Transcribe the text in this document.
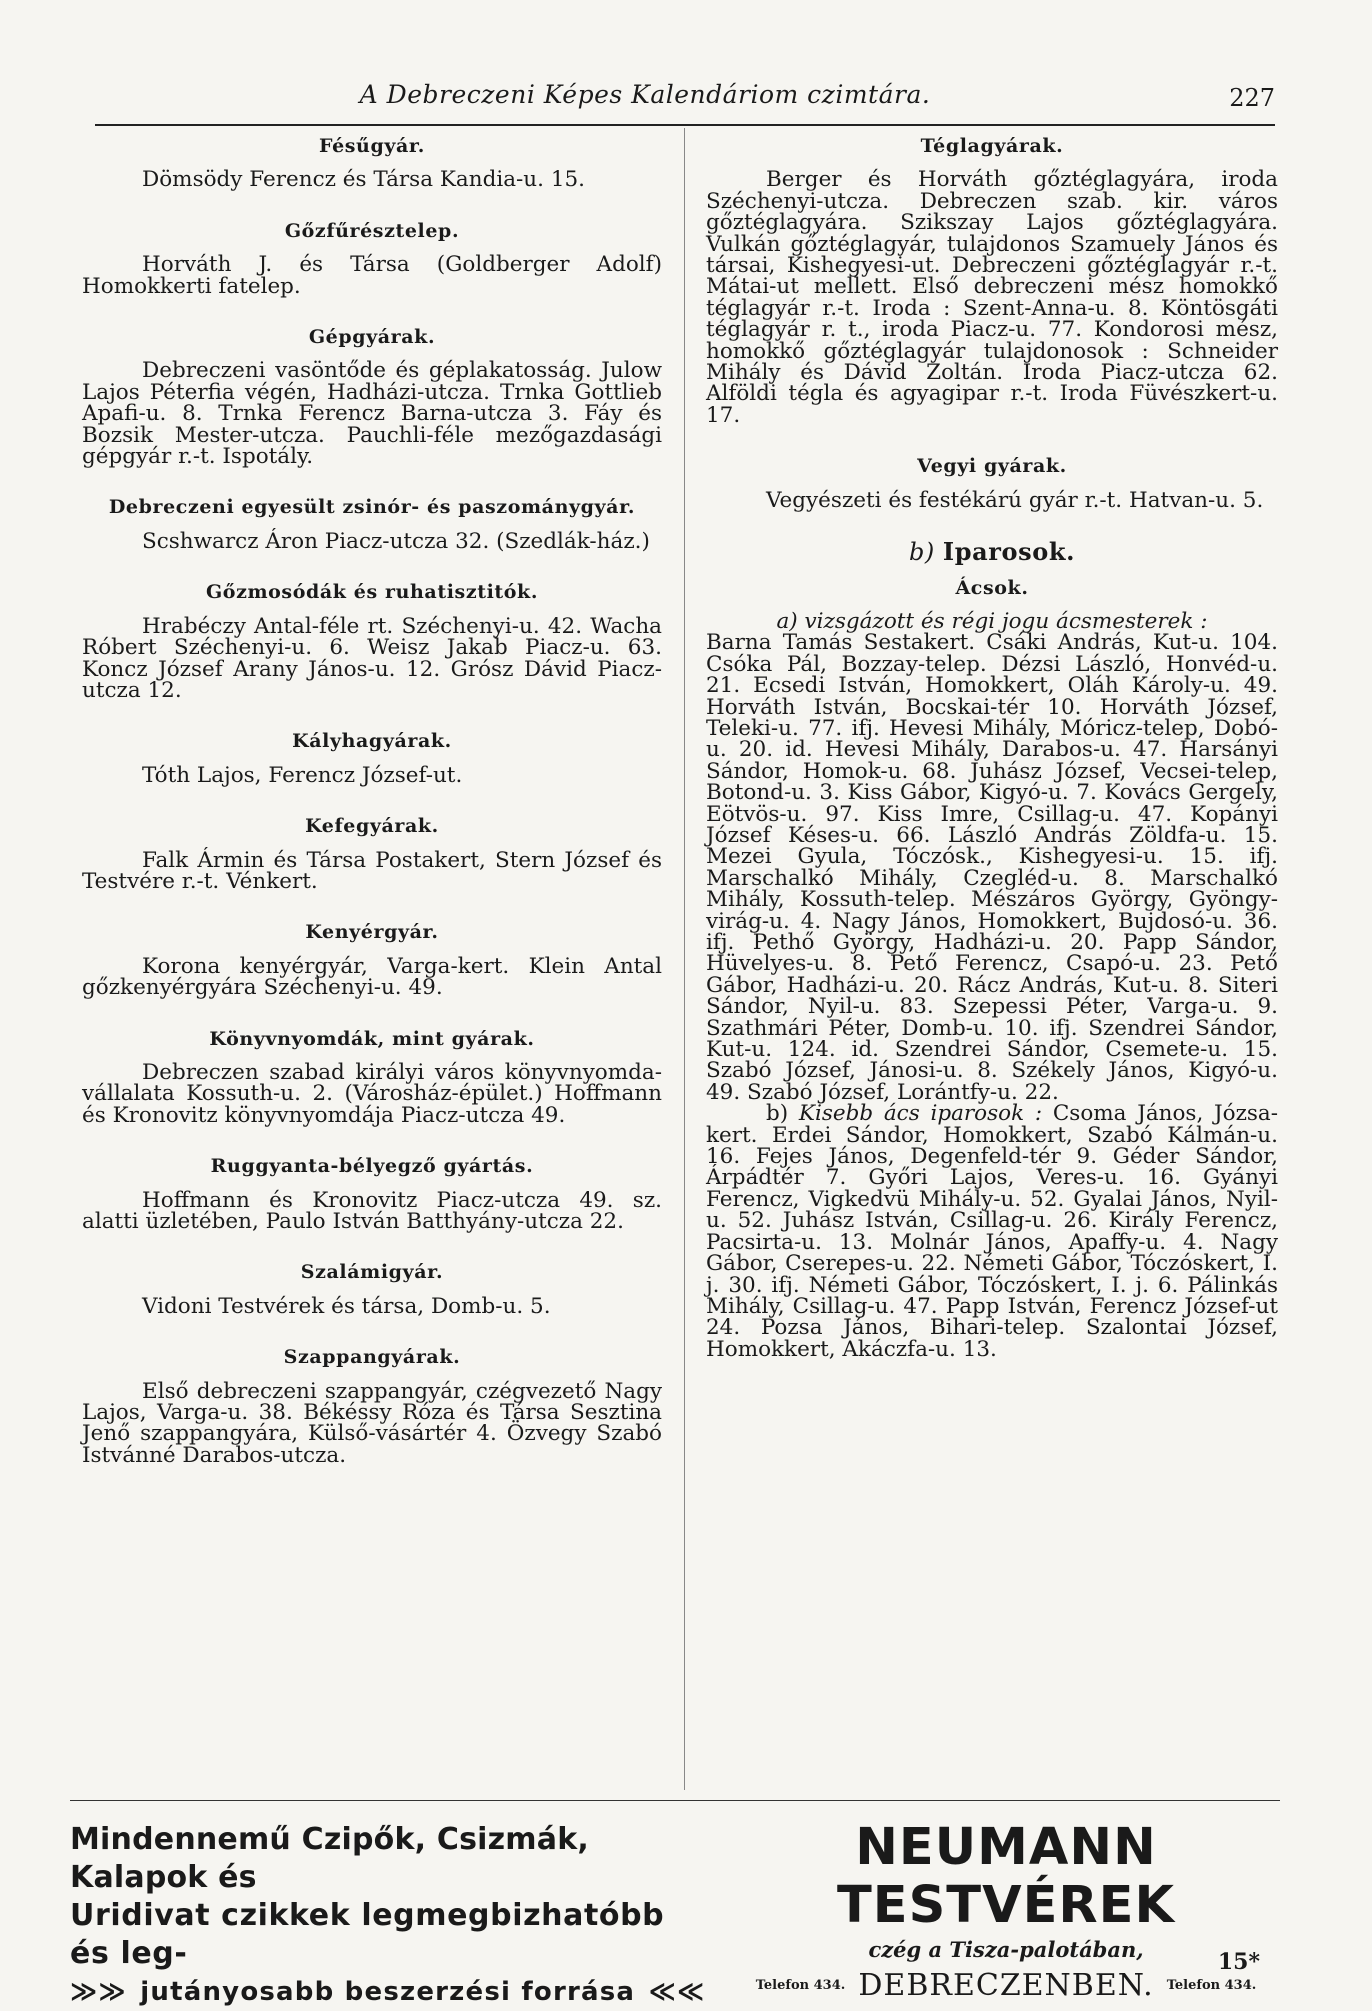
A Debreczeni Képes Kalendáriom czimtára.	227
Fésűgyár.
Dömsödy Ferencz és Társa Kandia-u. 15.
Gőzfűrésztelep.
Horváth J. és Társa (Goldberger Adolf) Homokkerti fatelep.
Gépgyárak.
Debreczeni vasöntőde és géplakatosság. Julow Lajos Péterfia végén, Hadházi-utcza. Trnka Gottlieb Apafi-u. 8. Trnka Ferencz Barna-utcza 3. Fáy és Bozsik Mester-utcza. Pauchli-féle mezőgazdasági gépgyár r.-t. Ispotály.
Debreczeni egyesült zsinór- és paszománygyár.
Scshwarcz Áron Piacz-utcza 32. (Szedlák-ház.)
Gőzmosódák és ruhatisztitók.
Hrabéczy Antal-féle rt. Széchenyi-u. 42. Wacha Róbert Széchenyi-u. 6. Weisz Jakab Piacz-u. 63. Koncz József Arany János-u. 12. Grósz Dávid Piacz-utcza 12.
Kályhagyárak.
Tóth Lajos, Ferencz József-ut.
Kefegyárak.
Falk Ármin és Társa Postakert, Stern József és Testvére r.-t. Vénkert.
Kenyérgyár.
Korona kenyérgyár, Varga-kert. Klein Antal gőzkenyérgyára Széchenyi-u. 49.
Könyvnyomdák, mint gyárak.
Debreczen szabad királyi város könyvnyomda-vállalata Kossuth-u. 2. (Városház-épület.) Hoffmann és Kronovitz könyvnyomdája Piacz-utcza 49.
Ruggyanta-bélyegző gyártás.
Hoffmann és Kronovitz Piacz-utcza 49. sz. alatti üzletében, Paulo István Batthyány-utcza 22.
Szalámigyár.
Vidoni Testvérek és társa, Domb-u. 5.
Szappangyárak.
Első debreczeni szappangyár, czégvezető Nagy Lajos, Varga-u. 38. Békéssy Róza és Társa Sesztina Jenő szappangyára, Külső-vásártér 4. Özvegy Szabó Istvánné Darabos-utcza.
Téglagyárak.
Berger és Horváth gőztéglagyára, iroda Széchenyi-utcza. Debreczen szab. kir. város gőztéglagyára. Szikszay Lajos gőztéglagyára. Vulkán gőztéglagyár, tulajdonos Szamuely János és társai, Kishegyesi-ut. Debreczeni gőztéglagyár r.-t. Mátai-ut mellett. Első debreczeni mész homokkő téglagyár r.-t. Iroda : Szent-Anna-u. 8. Köntösgáti téglagyár r. t., iroda Piacz-u. 77. Kondorosi mész, homokkő gőztéglagyár tulajdonosok : Schneider Mihály és Dávid Zoltán. Iroda Piacz-utcza 62. Alföldi tégla és agyagipar r.-t. Iroda Füvészkert-u. 17.
Vegyi gyárak.
Vegyészeti és festékárú gyár r.-t. Hatvan-u. 5.
b) Iparosok.
Ácsok.
a) vizsgázott és régi jogu ácsmesterek :
Barna Tamás Sestakert. Csáki András, Kut-u. 104. Csóka Pál, Bozzay-telep. Dézsi László, Honvéd-u. 21. Ecsedi István, Homokkert, Oláh Károly-u. 49. Horváth István, Bocskai-tér 10. Horváth József, Teleki-u. 77. ifj. Hevesi Mihály, Móricz-telep, Dobó-u. 20. id. Hevesi Mihály, Darabos-u. 47. Harsányi Sándor, Homok-u. 68. Juhász József, Vecsei-telep, Botond-u. 3. Kiss Gábor, Kigyó-u. 7. Kovács Gergely, Eötvös-u. 97. Kiss Imre, Csillag-u. 47. Kopányi József Késes-u. 66. László András Zöldfa-u. 15. Mezei Gyula, Tóczósk., Kishegyesi-u. 15. ifj. Marschalkó Mihály, Czegléd-u. 8. Marschalkó Mihály, Kossuth-telep. Mészáros György, Gyöngy-virág-u. 4. Nagy János, Homokkert, Bujdosó-u. 36. ifj. Pethő György, Hadházi-u. 20. Papp Sándor, Hüvelyes-u. 8. Pető Ferencz, Csapó-u. 23. Pető Gábor, Hadházi-u. 20. Rácz András, Kut-u. 8. Siteri Sándor, Nyil-u. 83. Szepessi Péter, Varga-u. 9. Szathmári Péter, Domb-u. 10. ifj. Szendrei Sándor, Kut-u. 124. id. Szendrei Sándor, Csemete-u. 15. Szabó József, Jánosi-u. 8. Székely János, Kigyó-u. 49. Szabó József, Lorántfy-u. 22.
b) Kisebb ács iparosok : Csoma János, Józsa-kert. Erdei Sándor, Homokkert, Szabó Kálmán-u. 16. Fejes János, Degenfeld-tér 9. Géder Sándor, Árpádtér 7. Győri Lajos, Veres-u. 16. Gyányi Ferencz, Vigkedvü Mihály-u. 52. Gyalai János, Nyil-u. 52. Juhász István, Csillag-u. 26. Király Ferencz, Pacsirta-u. 13. Molnár János, Apaffy-u. 4. Nagy Gábor, Cserepes-u. 22. Németi Gábor, Tóczóskert, I. j. 30. ifj. Németi Gábor, Tóczóskert, I. j. 6. Pálinkás Mihály, Csillag-u. 47. Papp István, Ferencz József-ut 24. Pozsa János, Bihari-telep. Szalontai József, Homokkert, Akáczfa-u. 13.
Mindennemű Czipők, Csizmák, Kalapok és
Uridivat czikkek legmegbizhatóbb és leg-
≫≫ jutányosabb beszerzési forrása ≪≪
NEUMANN TESTVÉREK
czég a Tisza-palotában,
Telefon 434. DEBRECZENBEN. Telefon 434.
15*
